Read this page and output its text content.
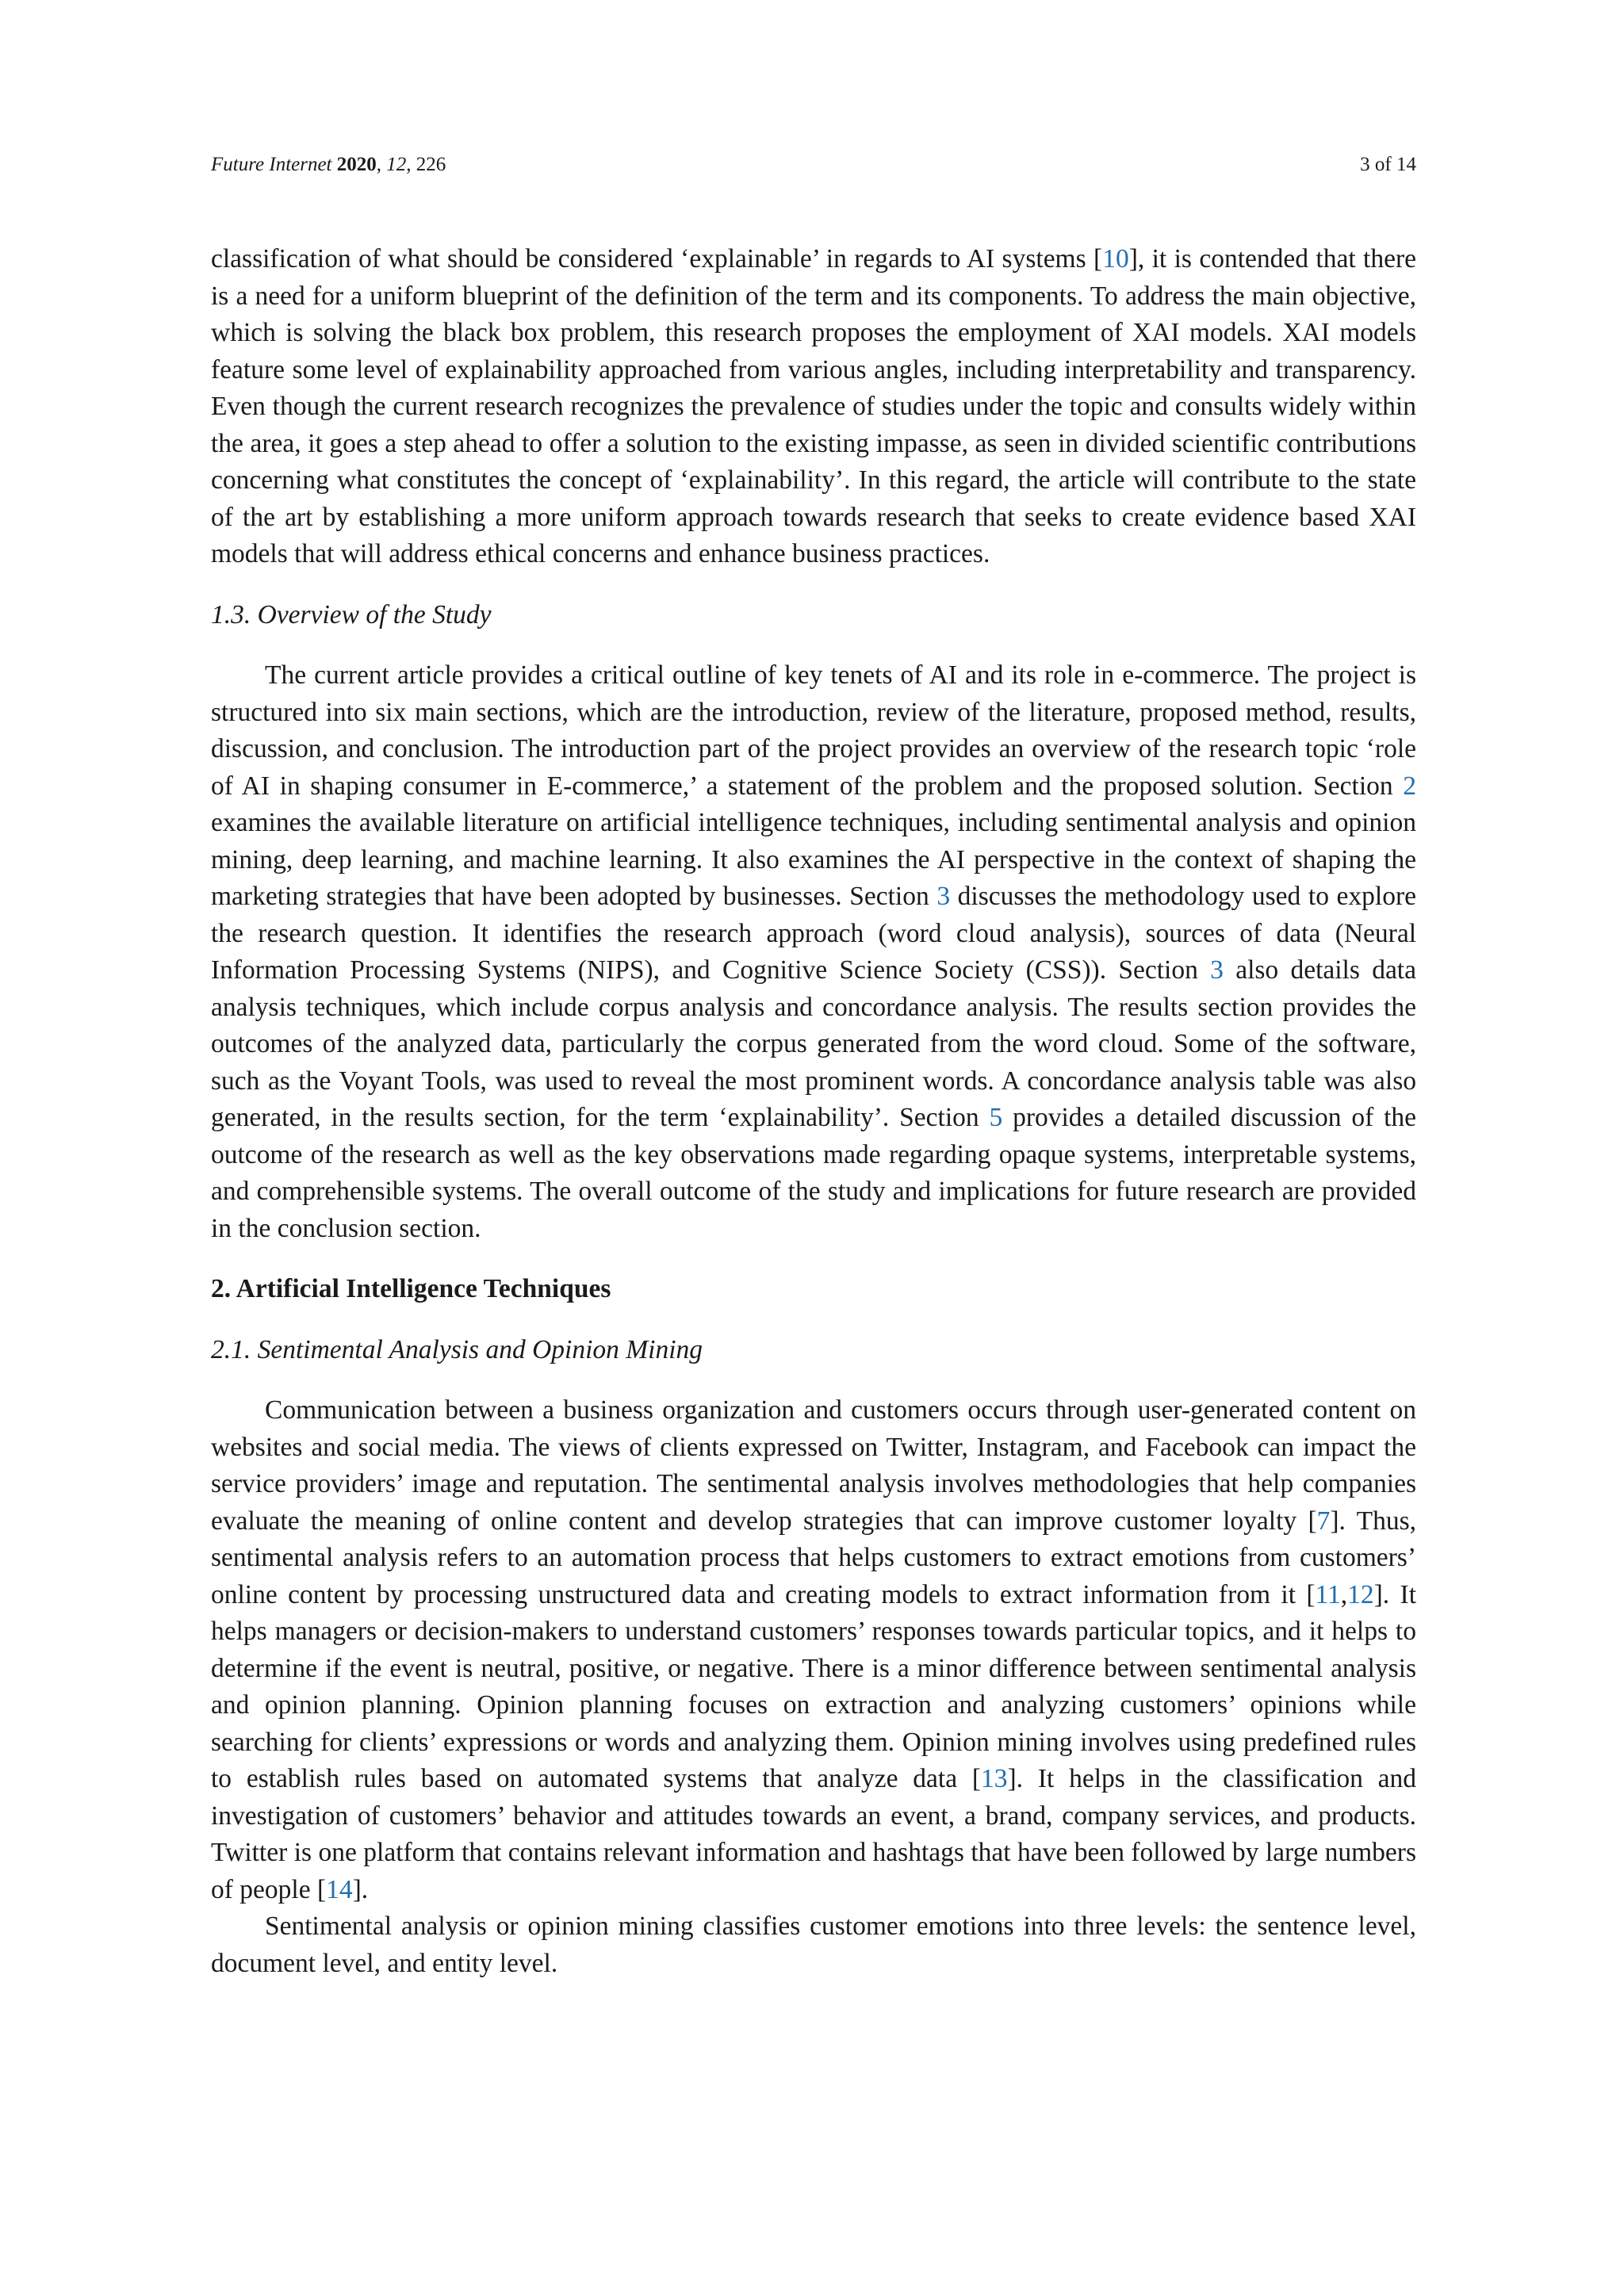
Future Internet 2020, 12, 226	3 of 14

classification of what should be considered ‘explainable’ in regards to AI systems [10], it is contended that there is a need for a uniform blueprint of the definition of the term and its components. To address the main objective, which is solving the black box problem, this research proposes the employment of XAI models. XAI models feature some level of explainability approached from various angles, including interpretability and transparency. Even though the current research recognizes the prevalence of studies under the topic and consults widely within the area, it goes a step ahead to offer a solution to the existing impasse, as seen in divided scientific contributions concerning what constitutes the concept of ‘explainability’. In this regard, the article will contribute to the state of the art by establishing a more uniform approach towards research that seeks to create evidence based XAI models that will address ethical concerns and enhance business practices.

1.3. Overview of the Study

The current article provides a critical outline of key tenets of AI and its role in e-commerce. The project is structured into six main sections, which are the introduction, review of the literature, proposed method, results, discussion, and conclusion. The introduction part of the project provides an overview of the research topic ‘role of AI in shaping consumer in E-commerce,’ a statement of the problem and the proposed solution. Section 2 examines the available literature on artificial intelligence techniques, including sentimental analysis and opinion mining, deep learning, and machine learning. It also examines the AI perspective in the context of shaping the marketing strategies that have been adopted by businesses. Section 3 discusses the methodology used to explore the research question. It identifies the research approach (word cloud analysis), sources of data (Neural Information Processing Systems (NIPS), and Cognitive Science Society (CSS)). Section 3 also details data analysis techniques, which include corpus analysis and concordance analysis. The results section provides the outcomes of the analyzed data, particularly the corpus generated from the word cloud. Some of the software, such as the Voyant Tools, was used to reveal the most prominent words. A concordance analysis table was also generated, in the results section, for the term ‘explainability’. Section 5 provides a detailed discussion of the outcome of the research as well as the key observations made regarding opaque systems, interpretable systems, and comprehensible systems. The overall outcome of the study and implications for future research are provided in the conclusion section.

2. Artificial Intelligence Techniques
2.1. Sentimental Analysis and Opinion Mining

Communication between a business organization and customers occurs through user-generated content on websites and social media. The views of clients expressed on Twitter, Instagram, and Facebook can impact the service providers’ image and reputation. The sentimental analysis involves methodologies that help companies evaluate the meaning of online content and develop strategies that can improve customer loyalty [7]. Thus, sentimental analysis refers to an automation process that helps customers to extract emotions from customers’ online content by processing unstructured data and creating models to extract information from it [11,12]. It helps managers or decision-makers to understand customers’ responses towards particular topics, and it helps to determine if the event is neutral, positive, or negative. There is a minor difference between sentimental analysis and opinion planning. Opinion planning focuses on extraction and analyzing customers’ opinions while searching for clients’ expressions or words and analyzing them. Opinion mining involves using predefined rules to establish rules based on automated systems that analyze data [13]. It helps in the classification and investigation of customers’ behavior and attitudes towards an event, a brand, company services, and products. Twitter is one platform that contains relevant information and hashtags that have been followed by large numbers of people [14].

Sentimental analysis or opinion mining classifies customer emotions into three levels: the sentence level, document level, and entity level.
